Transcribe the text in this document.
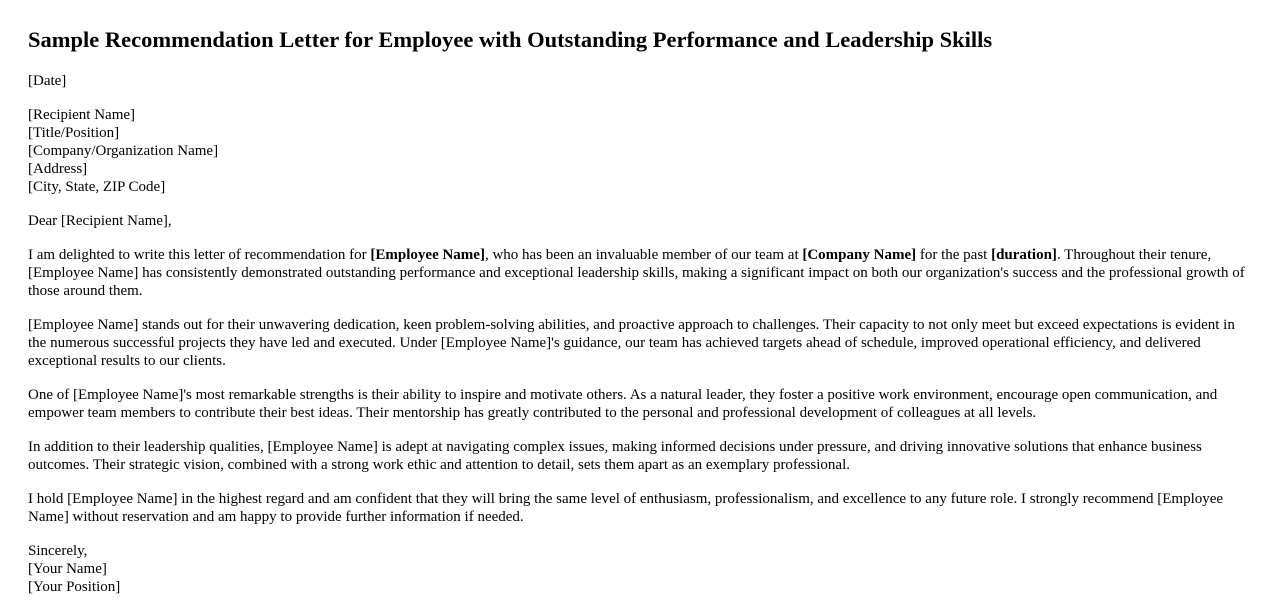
Sample Recommendation Letter for Employee with Outstanding Performance and Leadership Skills
[Date]
[Recipient Name]
[Title/Position]
[Company/Organization Name]
[Address]
[City, State, ZIP Code]
Dear [Recipient Name],

I am delighted to write this letter of recommendation for [Employee Name], who has been an invaluable member of our team at [Company Name] for the past [duration]. Throughout their tenure, [Employee Name] has consistently demonstrated outstanding performance and exceptional leadership skills, making a significant impact on both our organization's success and the professional growth of those around them.

[Employee Name] stands out for their unwavering dedication, keen problem-solving abilities, and proactive approach to challenges. Their capacity to not only meet but exceed expectations is evident in the numerous successful projects they have led and executed. Under [Employee Name]'s guidance, our team has achieved targets ahead of schedule, improved operational efficiency, and delivered exceptional results to our clients.

One of [Employee Name]'s most remarkable strengths is their ability to inspire and motivate others. As a natural leader, they foster a positive work environment, encourage open communication, and empower team members to contribute their best ideas. Their mentorship has greatly contributed to the personal and professional development of colleagues at all levels.

In addition to their leadership qualities, [Employee Name] is adept at navigating complex issues, making informed decisions under pressure, and driving innovative solutions that enhance business outcomes. Their strategic vision, combined with a strong work ethic and attention to detail, sets them apart as an exemplary professional.

I hold [Employee Name] in the highest regard and am confident that they will bring the same level of enthusiasm, professionalism, and excellence to any future role. I strongly recommend [Employee Name] without reservation and am happy to provide further information if needed.

Sincerely,
[Your Name]
[Your Position]
